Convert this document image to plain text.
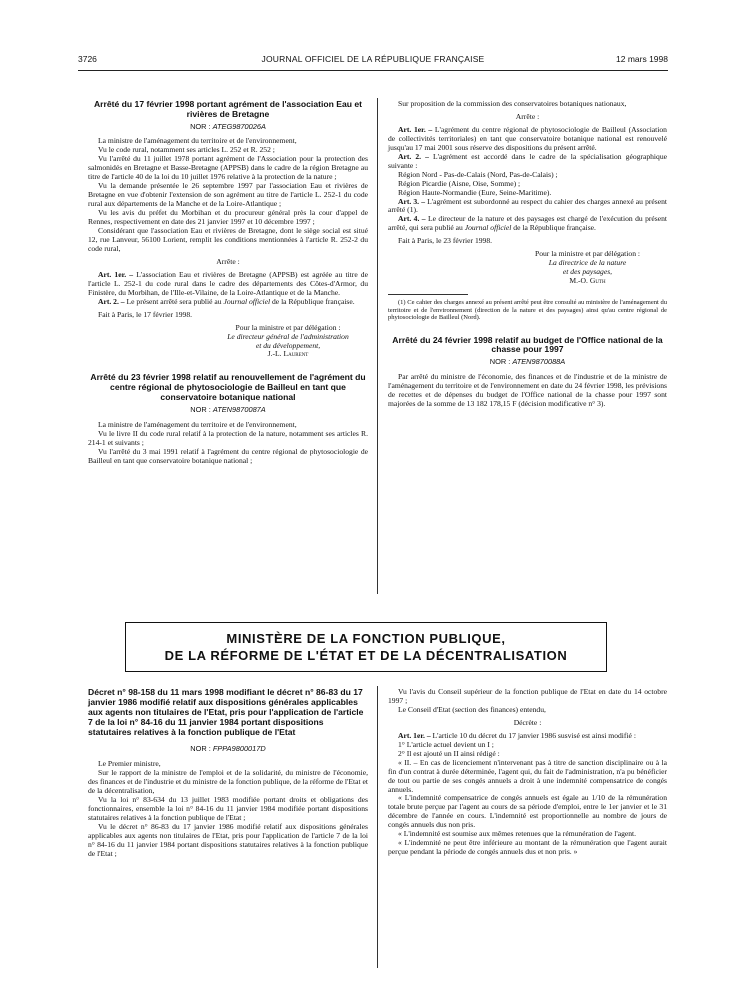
3726	JOURNAL OFFICIEL DE LA RÉPUBLIQUE FRANÇAISE	12 mars 1998
Arrêté du 17 février 1998 portant agrément de l'association Eau et rivières de Bretagne
NOR : ATEG9870026A

La ministre de l'aménagement du territoire et de l'environnement,

Vu le code rural, notamment ses articles L. 252 et R. 252 ;

Vu l'arrêté du 11 juillet 1978 portant agrément de l'Association pour la protection des salmonidés en Bretagne et Basse-Bretagne (APPSB) dans le cadre de la région Bretagne au titre de l'article 40 de la loi du 10 juillet 1976 relative à la protection de la nature ;

Vu la demande présentée le 26 septembre 1997 par l'association Eau et rivières de Bretagne en vue d'obtenir l'extension de son agrément au titre de l'article L. 252-1 du code rural aux départements de la Manche et de la Loire-Atlantique ;

Vu les avis du préfet du Morbihan et du procureur général près la cour d'appel de Rennes, respectivement en date des 21 janvier 1997 et 10 décembre 1997 ;

Considérant que l'association Eau et rivières de Bretagne, dont le siège social est situé 12, rue Lanveur, 56100 Lorient, remplit les conditions mentionnées à l'article R. 252-2 du code rural,

Arrête :

Art. 1er. – L'association Eau et rivières de Bretagne (APPSB) est agréée au titre de l'article L. 252-1 du code rural dans le cadre des départements des Côtes-d'Armor, du Finistère, du Morbihan, de l'Ille-et-Vilaine, de la Loire-Atlantique et de la Manche.

Art. 2. – Le présent arrêté sera publié au Journal officiel de la République française.

Fait à Paris, le 17 février 1998.

Pour la ministre et par délégation :

Le directeur général de l'administration

et du développement,

J.-L. Laurent

Arrêté du 23 février 1998 relatif au renouvellement de l'agrément du centre régional de phytosociologie de Bailleul en tant que conservatoire botanique national
NOR : ATEN9870087A

La ministre de l'aménagement du territoire et de l'environnement,

Vu le livre II du code rural relatif à la protection de la nature, notamment ses articles R. 214-1 et suivants ;

Vu l'arrêté du 3 mai 1991 relatif à l'agrément du centre régional de phytosociologie de Bailleul en tant que conservatoire botanique national ;

Sur proposition de la commission des conservatoires botaniques nationaux,

Arrête :

Art. 1er. – L'agrément du centre régional de phytosociologie de Bailleul (Association de collectivités territoriales) en tant que conservatoire botanique national est renouvelé jusqu'au 17 mai 2001 sous réserve des dispositions du présent arrêté.

Art. 2. – L'agrément est accordé dans le cadre de la spécialisation géographique suivante :

Région Nord - Pas-de-Calais (Nord, Pas-de-Calais) ;

Région Picardie (Aisne, Oise, Somme) ;

Région Haute-Normandie (Eure, Seine-Maritime).

Art. 3. – L'agrément est subordonné au respect du cahier des charges annexé au présent arrêté (1).

Art. 4. – Le directeur de la nature et des paysages est chargé de l'exécution du présent arrêté, qui sera publié au Journal officiel de la République française.

Fait à Paris, le 23 février 1998.

Pour la ministre et par délégation :

La directrice de la nature

et des paysages,

M.-O. Guth

(1) Ce cahier des charges annexé au présent arrêté peut être consulté au ministère de l'aménagement du territoire et de l'environnement (direction de la nature et des paysages) ainsi qu'au centre régional de phytosociologie de Bailleul (Nord).

Arrêté du 24 février 1998 relatif au budget de l'Office national de la chasse pour 1997
NOR : ATEN9870088A

Par arrêté du ministre de l'économie, des finances et de l'industrie et de la ministre de l'aménagement du territoire et de l'environnement en date du 24 février 1998, les prévisions de recettes et de dépenses du budget de l'Office national de la chasse pour 1997 sont majorées de la somme de 13 182 178,15 F (décision modificative n° 3).

MINISTÈRE DE LA FONCTION PUBLIQUE,
DE LA RÉFORME DE L'ÉTAT ET DE LA DÉCENTRALISATION
Décret n° 98-158 du 11 mars 1998 modifiant le décret n° 86-83 du 17 janvier 1986 modifié relatif aux dispositions générales applicables aux agents non titulaires de l'Etat, pris pour l'application de l'article 7 de la loi n° 84-16 du 11 janvier 1984 portant dispositions statutaires relatives à la fonction publique de l'Etat
NOR : FPPA9800017D

Le Premier ministre,

Sur le rapport de la ministre de l'emploi et de la solidarité, du ministre de l'économie, des finances et de l'industrie et du ministre de la fonction publique, de la réforme de l'Etat et de la décentralisation,

Vu la loi n° 83-634 du 13 juillet 1983 modifiée portant droits et obligations des fonctionnaires, ensemble la loi n° 84-16 du 11 janvier 1984 modifiée portant dispositions statutaires relatives à la fonction publique de l'Etat ;

Vu le décret n° 86-83 du 17 janvier 1986 modifié relatif aux dispositions générales applicables aux agents non titulaires de l'Etat, pris pour l'application de l'article 7 de la loi n° 84-16 du 11 janvier 1984 portant dispositions statutaires relatives à la fonction publique de l'Etat ;

Vu l'avis du Conseil supérieur de la fonction publique de l'Etat en date du 14 octobre 1997 ;

Le Conseil d'Etat (section des finances) entendu,

Décrète :

Art. 1er. – L'article 10 du décret du 17 janvier 1986 susvisé est ainsi modifié :

1° L'article actuel devient un I ;

2° Il est ajouté un II ainsi rédigé :

« II. – En cas de licenciement n'intervenant pas à titre de sanction disciplinaire ou à la fin d'un contrat à durée déterminée, l'agent qui, du fait de l'administration, n'a pu bénéficier de tout ou partie de ses congés annuels a droit à une indemnité compensatrice de congés annuels.

« L'indemnité compensatrice de congés annuels est égale au 1/10 de la rémunération totale brute perçue par l'agent au cours de sa période d'emploi, entre le 1er janvier et le 31 décembre de l'année en cours. L'indemnité est proportionnelle au nombre de jours de congés annuels dus non pris.

« L'indemnité est soumise aux mêmes retenues que la rémunération de l'agent.

« L'indemnité ne peut être inférieure au montant de la rémunération que l'agent aurait perçue pendant la période de congés annuels dus et non pris. »
